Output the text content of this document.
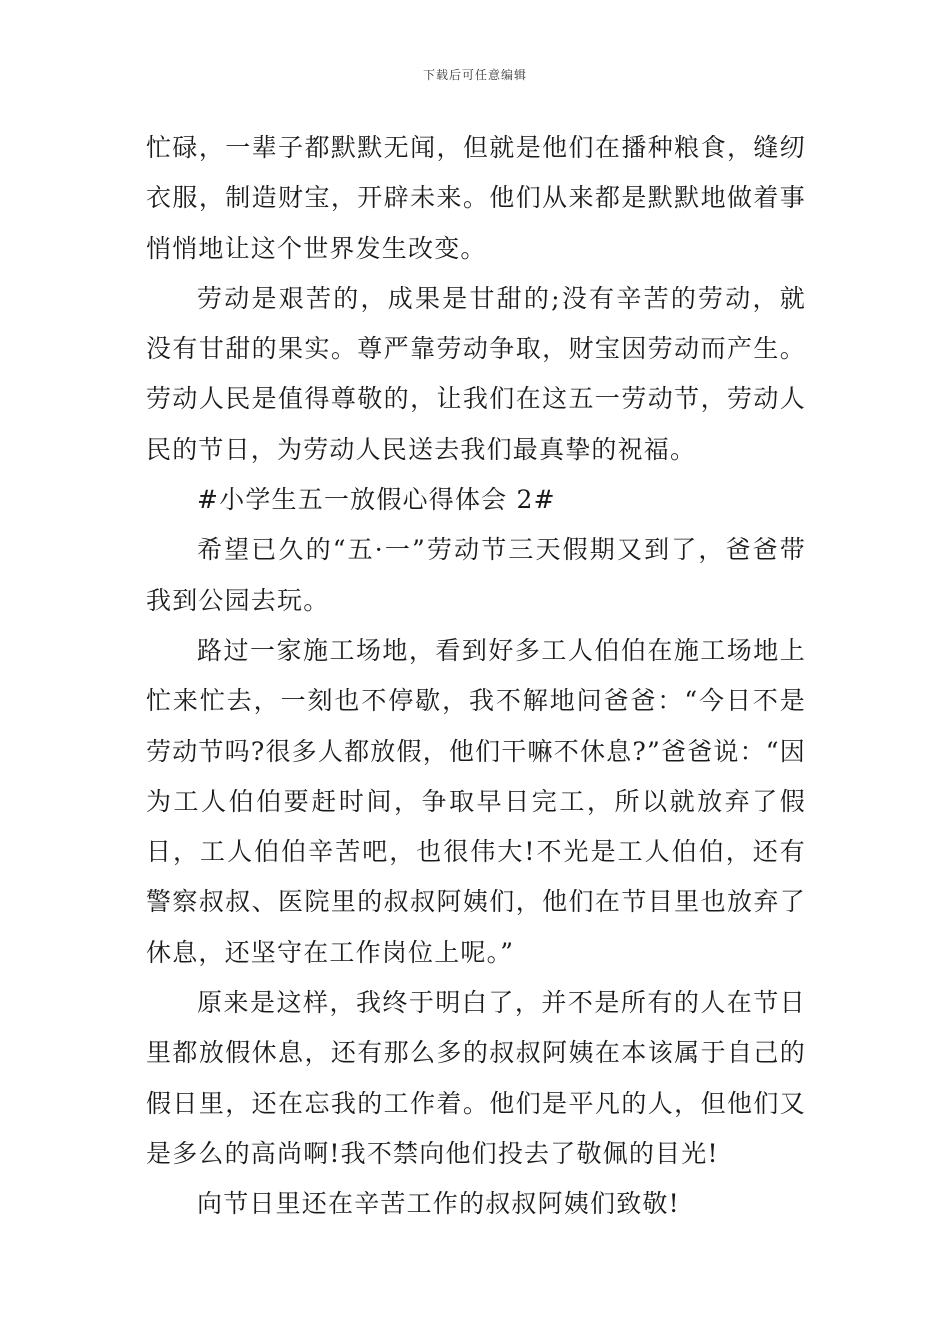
下载后可任意编辑

忙碌，一辈子都默默无闻，但就是他们在播种粮食，缝纫衣服，制造财宝，开辟未来。他们从来都是默默地做着事悄悄地让这个世界发生改变。

劳动是艰苦的，成果是甘甜的;没有辛苦的劳动，就没有甘甜的果实。尊严靠劳动争取，财宝因劳动而产生。劳动人民是值得尊敬的，让我们在这五一劳动节，劳动人民的节日，为劳动人民送去我们最真挚的祝福。

#小学生五一放假心得体会 2#

希望已久的“五·一”劳动节三天假期又到了，爸爸带我到公园去玩。

路过一家施工场地，看到好多工人伯伯在施工场地上忙来忙去，一刻也不停歇，我不解地问爸爸：“今日不是劳动节吗?很多人都放假，他们干嘛不休息?”爸爸说：“因为工人伯伯要赶时间，争取早日完工，所以就放弃了假日，工人伯伯辛苦吧，也很伟大!不光是工人伯伯，还有警察叔叔、医院里的叔叔阿姨们，他们在节目里也放弃了休息，还坚守在工作岗位上呢。”

原来是这样，我终于明白了，并不是所有的人在节日里都放假休息，还有那么多的叔叔阿姨在本该属于自己的假日里，还在忘我的工作着。他们是平凡的人，但他们又是多么的高尚啊!我不禁向他们投去了敬佩的目光!

向节日里还在辛苦工作的叔叔阿姨们致敬!
